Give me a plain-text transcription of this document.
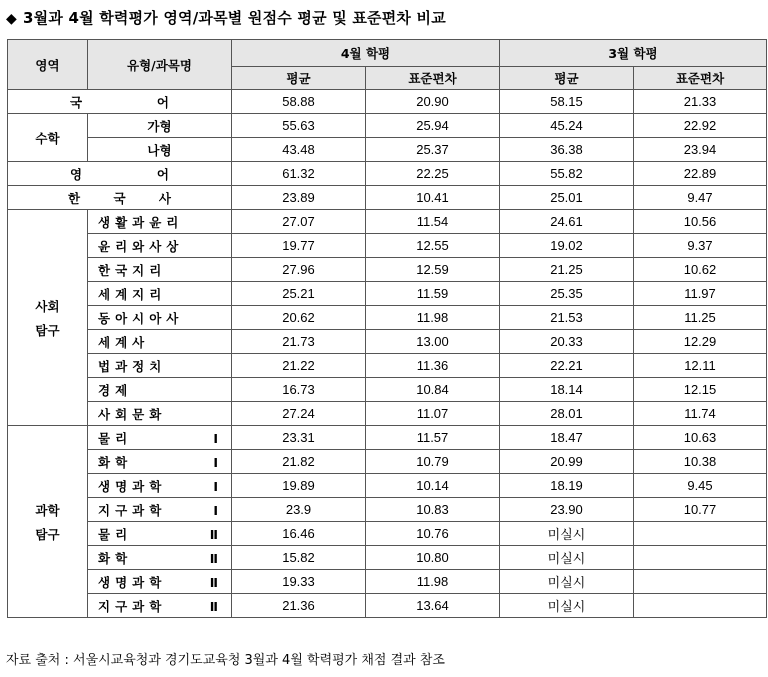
◆ 3월과 4월 학력평가 영역/과목별 원점수 평균 및 표준편차 비교
영역	유형/과목명	4월 학평		3월 학평	
		평균	표준편차	평균	표준편차

국 어		58.88	20.90	58.15	21.33
수학	가형	55.63	25.94	45.24	22.92
	나형	43.48	25.37	36.38	23.94

영 어		61.32	22.25	55.82	22.89

한 국 사		23.89	10.41	25.01	9.47

사회
탐구	생활과윤리	27.07	11.54	24.61	10.56
	윤리와사상	19.77	12.55	19.02	9.37
	한국지리	27.96	12.59	21.25	10.62
	세계지리	25.21	11.59	25.35	11.97
	동아시아사	20.62	11.98	21.53	11.25
	세계사	21.73	13.00	20.33	12.29
	법과정치	21.22	11.36	22.21	12.11
	경제	16.73	10.84	18.14	12.15
	사회문화	27.24	11.07	28.01	11.74

과학
탐구	물리Ⅰ	23.31	11.57	18.47	10.63
	화학Ⅰ	21.82	10.79	20.99	10.38
	생명과학Ⅰ	19.89	10.14	18.19	9.45
	지구과학Ⅰ	23.9	10.83	23.90	10.77
	물리Ⅱ	16.46	10.76	미실시	
	화학Ⅱ	15.82	10.80	미실시	
	생명과학Ⅱ	19.33	11.98	미실시	
	지구과학Ⅱ	21.36	13.64	미실시	
자료 출처 : 서울시교육청과 경기도교육청 3월과 4월 학력평가 채점 결과 참조
